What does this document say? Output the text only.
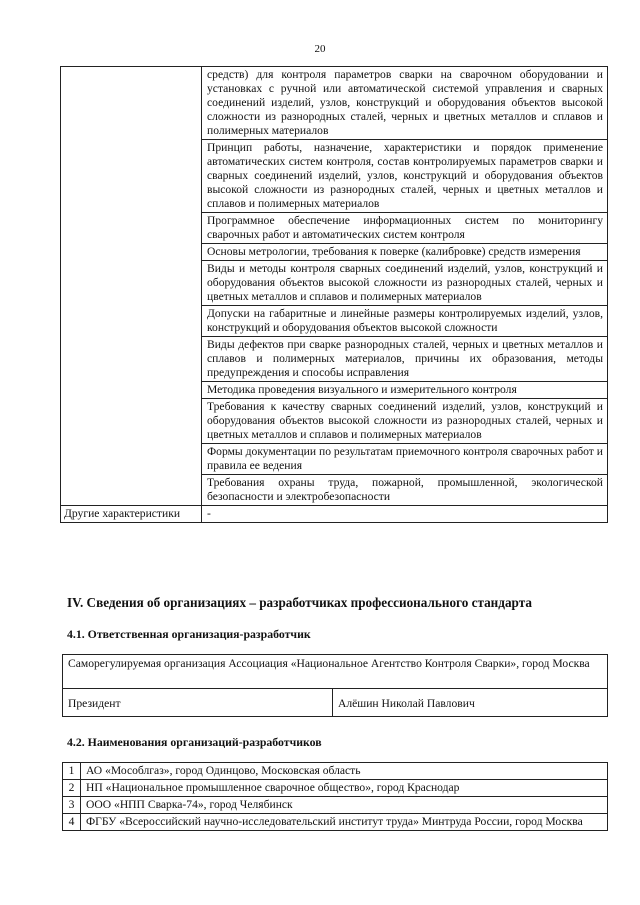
20
	средств) для контроля параметров сварки на сварочном оборудовании и установках с ручной или автоматической системой управления и сварных соединений изделий, узлов, конструкций и оборудования объектов высокой сложности из разнородных сталей, черных и цветных металлов и сплавов и полимерных материалов
	Принцип работы, назначение, характеристики и порядок применение автоматических систем контроля, состав контролируемых параметров сварки и сварных соединений изделий, узлов, конструкций и оборудования объектов высокой сложности из разнородных сталей, черных и цветных металлов и сплавов и полимерных материалов
	Программное обеспечение информационных систем по мониторингу сварочных работ и автоматических систем контроля
	Основы метрологии, требования к поверке (калибровке) средств измерения
	Виды и методы контроля сварных соединений изделий, узлов, конструкций и оборудования объектов высокой сложности из разнородных сталей, черных и цветных металлов и сплавов и полимерных материалов
	Допуски на габаритные и линейные размеры контролируемых изделий, узлов, конструкций и оборудования объектов высокой сложности
	Виды дефектов при сварке разнородных сталей, черных и цветных металлов и сплавов и полимерных материалов, причины их образования, методы предупреждения и способы исправления
	Методика проведения визуального и измерительного контроля
	Требования к качеству сварных соединений изделий, узлов, конструкций и оборудования объектов высокой сложности из разнородных сталей, черных и цветных металлов и сплавов и полимерных материалов
	Формы документации по результатам приемочного контроля сварочных работ и правила ее ведения
	Требования охраны труда, пожарной, промышленной, экологической безопасности и электробезопасности
Другие характеристики	-
IV. Сведения об организациях – разработчиках профессионального стандарта
4.1. Ответственная организация-разработчик
Саморегулируемая организация Ассоциация «Национальное Агентство Контроля Сварки», город Москва
Президент	Алёшин Николай Павлович
4.2. Наименования организаций-разработчиков
1	АО «Мособлгаз», город Одинцово, Московская область
2	НП «Национальное промышленное сварочное общество», город Краснодар
3	ООО «НПП Сварка-74», город Челябинск
4	ФГБУ «Всероссийский научно-исследовательский институт труда» Минтруда России, город Москва
